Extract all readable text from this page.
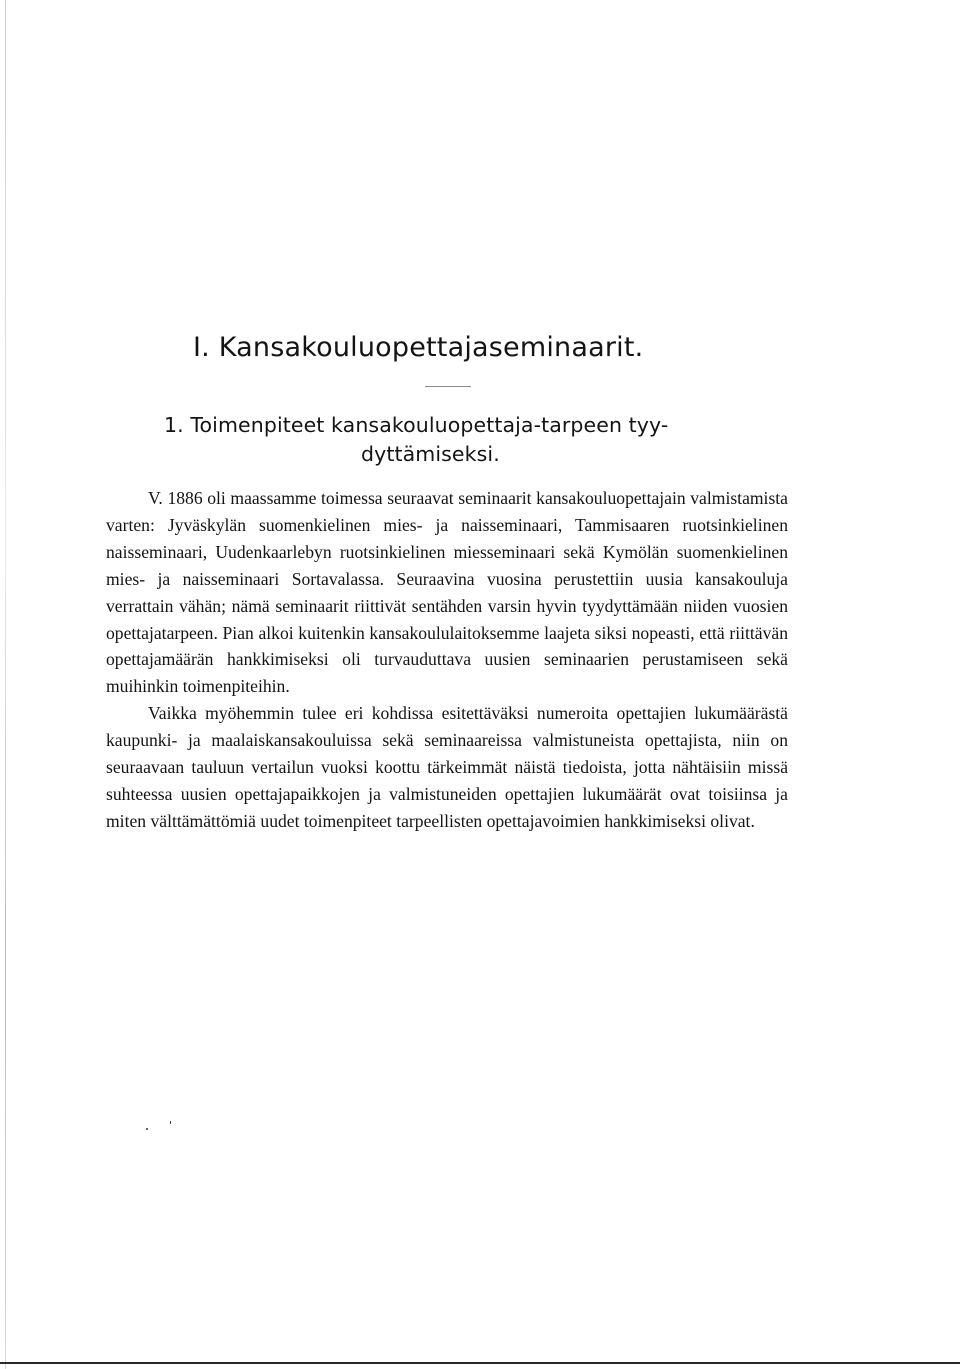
I. Kansakouluopettajaseminaarit.
1. Toimenpiteet kansakouluopettaja-tarpeen tyy-
dyttämiseksi.

V. 1886 oli maassamme toimessa seuraavat seminaarit kansakouluopettajain valmistamista varten: Jyväskylän suomenkielinen mies- ja naisseminaari, Tammisaaren ruotsinkielinen naisseminaari, Uudenkaarlebyn ruotsinkielinen miesseminaari sekä Kymölän suomenkielinen mies- ja naisseminaari Sortavalassa. Seuraavina vuosina perustettiin uusia kansakouluja verrattain vähän; nämä seminaarit riittivät sentähden varsin hyvin tyydyttämään niiden vuosien opettajatarpeen. Pian alkoi kuitenkin kansakoululaitoksemme laajeta siksi nopeasti, että riittävän opettajamäärän hankkimiseksi oli turvauduttava uusien seminaarien perustamiseen sekä muihinkin toimenpiteihin.

Vaikka myöhemmin tulee eri kohdissa esitettäväksi numeroita opettajien lukumäärästä kaupunki- ja maalaiskansakouluissa sekä seminaareissa valmistuneista opettajista, niin on seuraavaan tauluun vertailun vuoksi koottu tärkeimmät näistä tiedoista, jotta nähtäisiin missä suhteessa uusien opettajapaikkojen ja valmistuneiden opettajien lukumäärät ovat toisiinsa ja miten välttämättömiä uudet toimenpiteet tarpeellisten opettajavoimien hankkimiseksi olivat.
